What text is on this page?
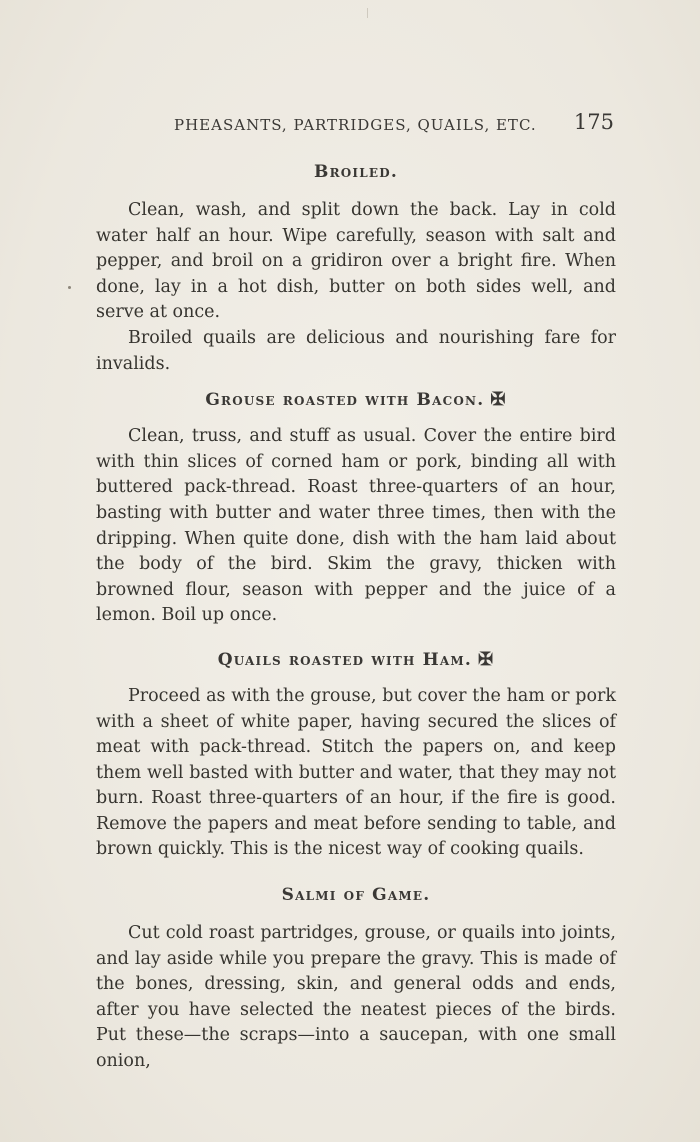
PHEASANTS, PARTRIDGES, QUAILS, ETC. 175
Broiled.

Clean, wash, and split down the back. Lay in cold water half an hour. Wipe carefully, season with salt and pepper, and broil on a gridiron over a bright fire. When done, lay in a hot dish, butter on both sides well, and serve at once.

Broiled quails are delicious and nourishing fare for invalids.

Grouse roasted with Bacon. ✠

Clean, truss, and stuff as usual. Cover the entire bird with thin slices of corned ham or pork, binding all with buttered pack-thread. Roast three-quarters of an hour, basting with butter and water three times, then with the dripping. When quite done, dish with the ham laid about the body of the bird. Skim the gravy, thicken with browned flour, season with pepper and the juice of a lemon. Boil up once.

Quails roasted with Ham. ✠

Proceed as with the grouse, but cover the ham or pork with a sheet of white paper, having secured the slices of meat with pack-thread. Stitch the papers on, and keep them well basted with butter and water, that they may not burn. Roast three-quarters of an hour, if the fire is good. Remove the papers and meat before sending to table, and brown quickly. This is the nicest way of cooking quails.

Salmi of Game.

Cut cold roast partridges, grouse, or quails into joints, and lay aside while you prepare the gravy. This is made of the bones, dressing, skin, and general odds and ends, after you have selected the neatest pieces of the birds. Put these—the scraps—into a saucepan, with one small onion,
